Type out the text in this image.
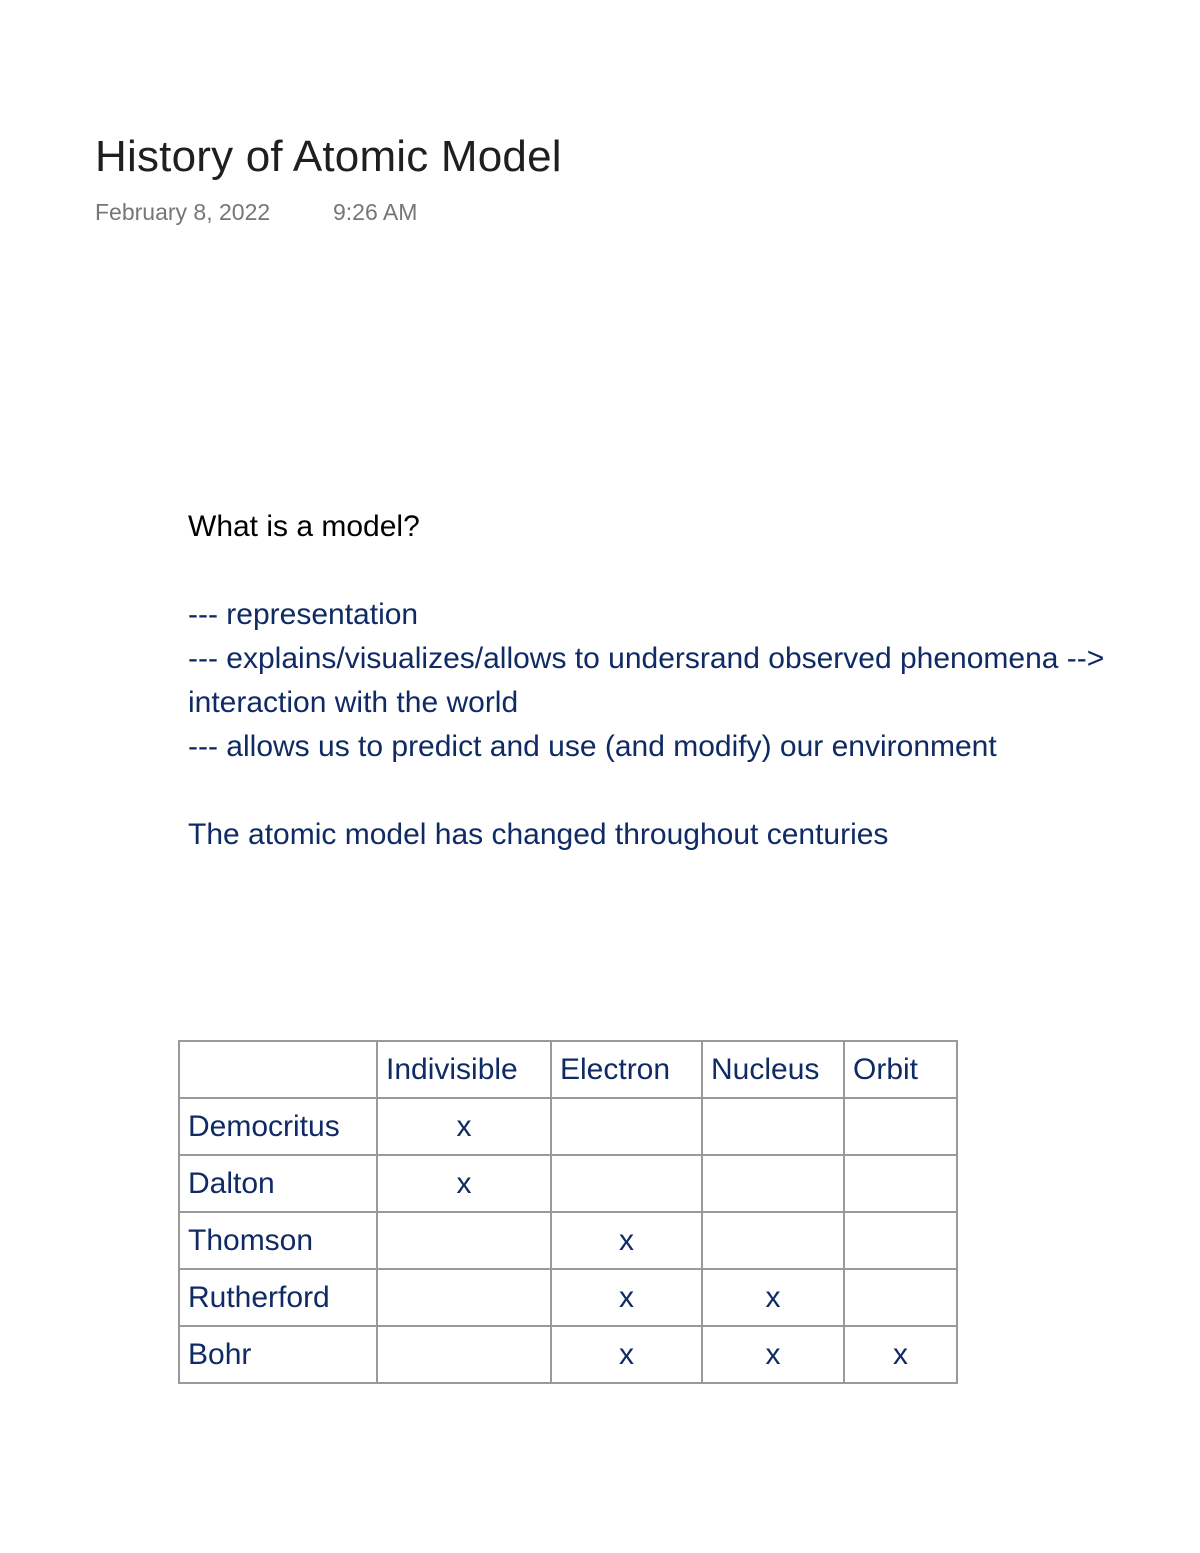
History of Atomic Model
February 8, 2022	9:26 AM
What is a model?
--- representation
--- explains/visualizes/allows to undersrand observed phenomena -->
interaction with the world
--- allows us to predict and use (and modify) our environment
The atomic model has changed throughout centuries
	Indivisible	Electron	Nucleus	Orbit
Democritus	x			
Dalton	x			
Thomson		x		
Rutherford		x	x	
Bohr		x	x	x
